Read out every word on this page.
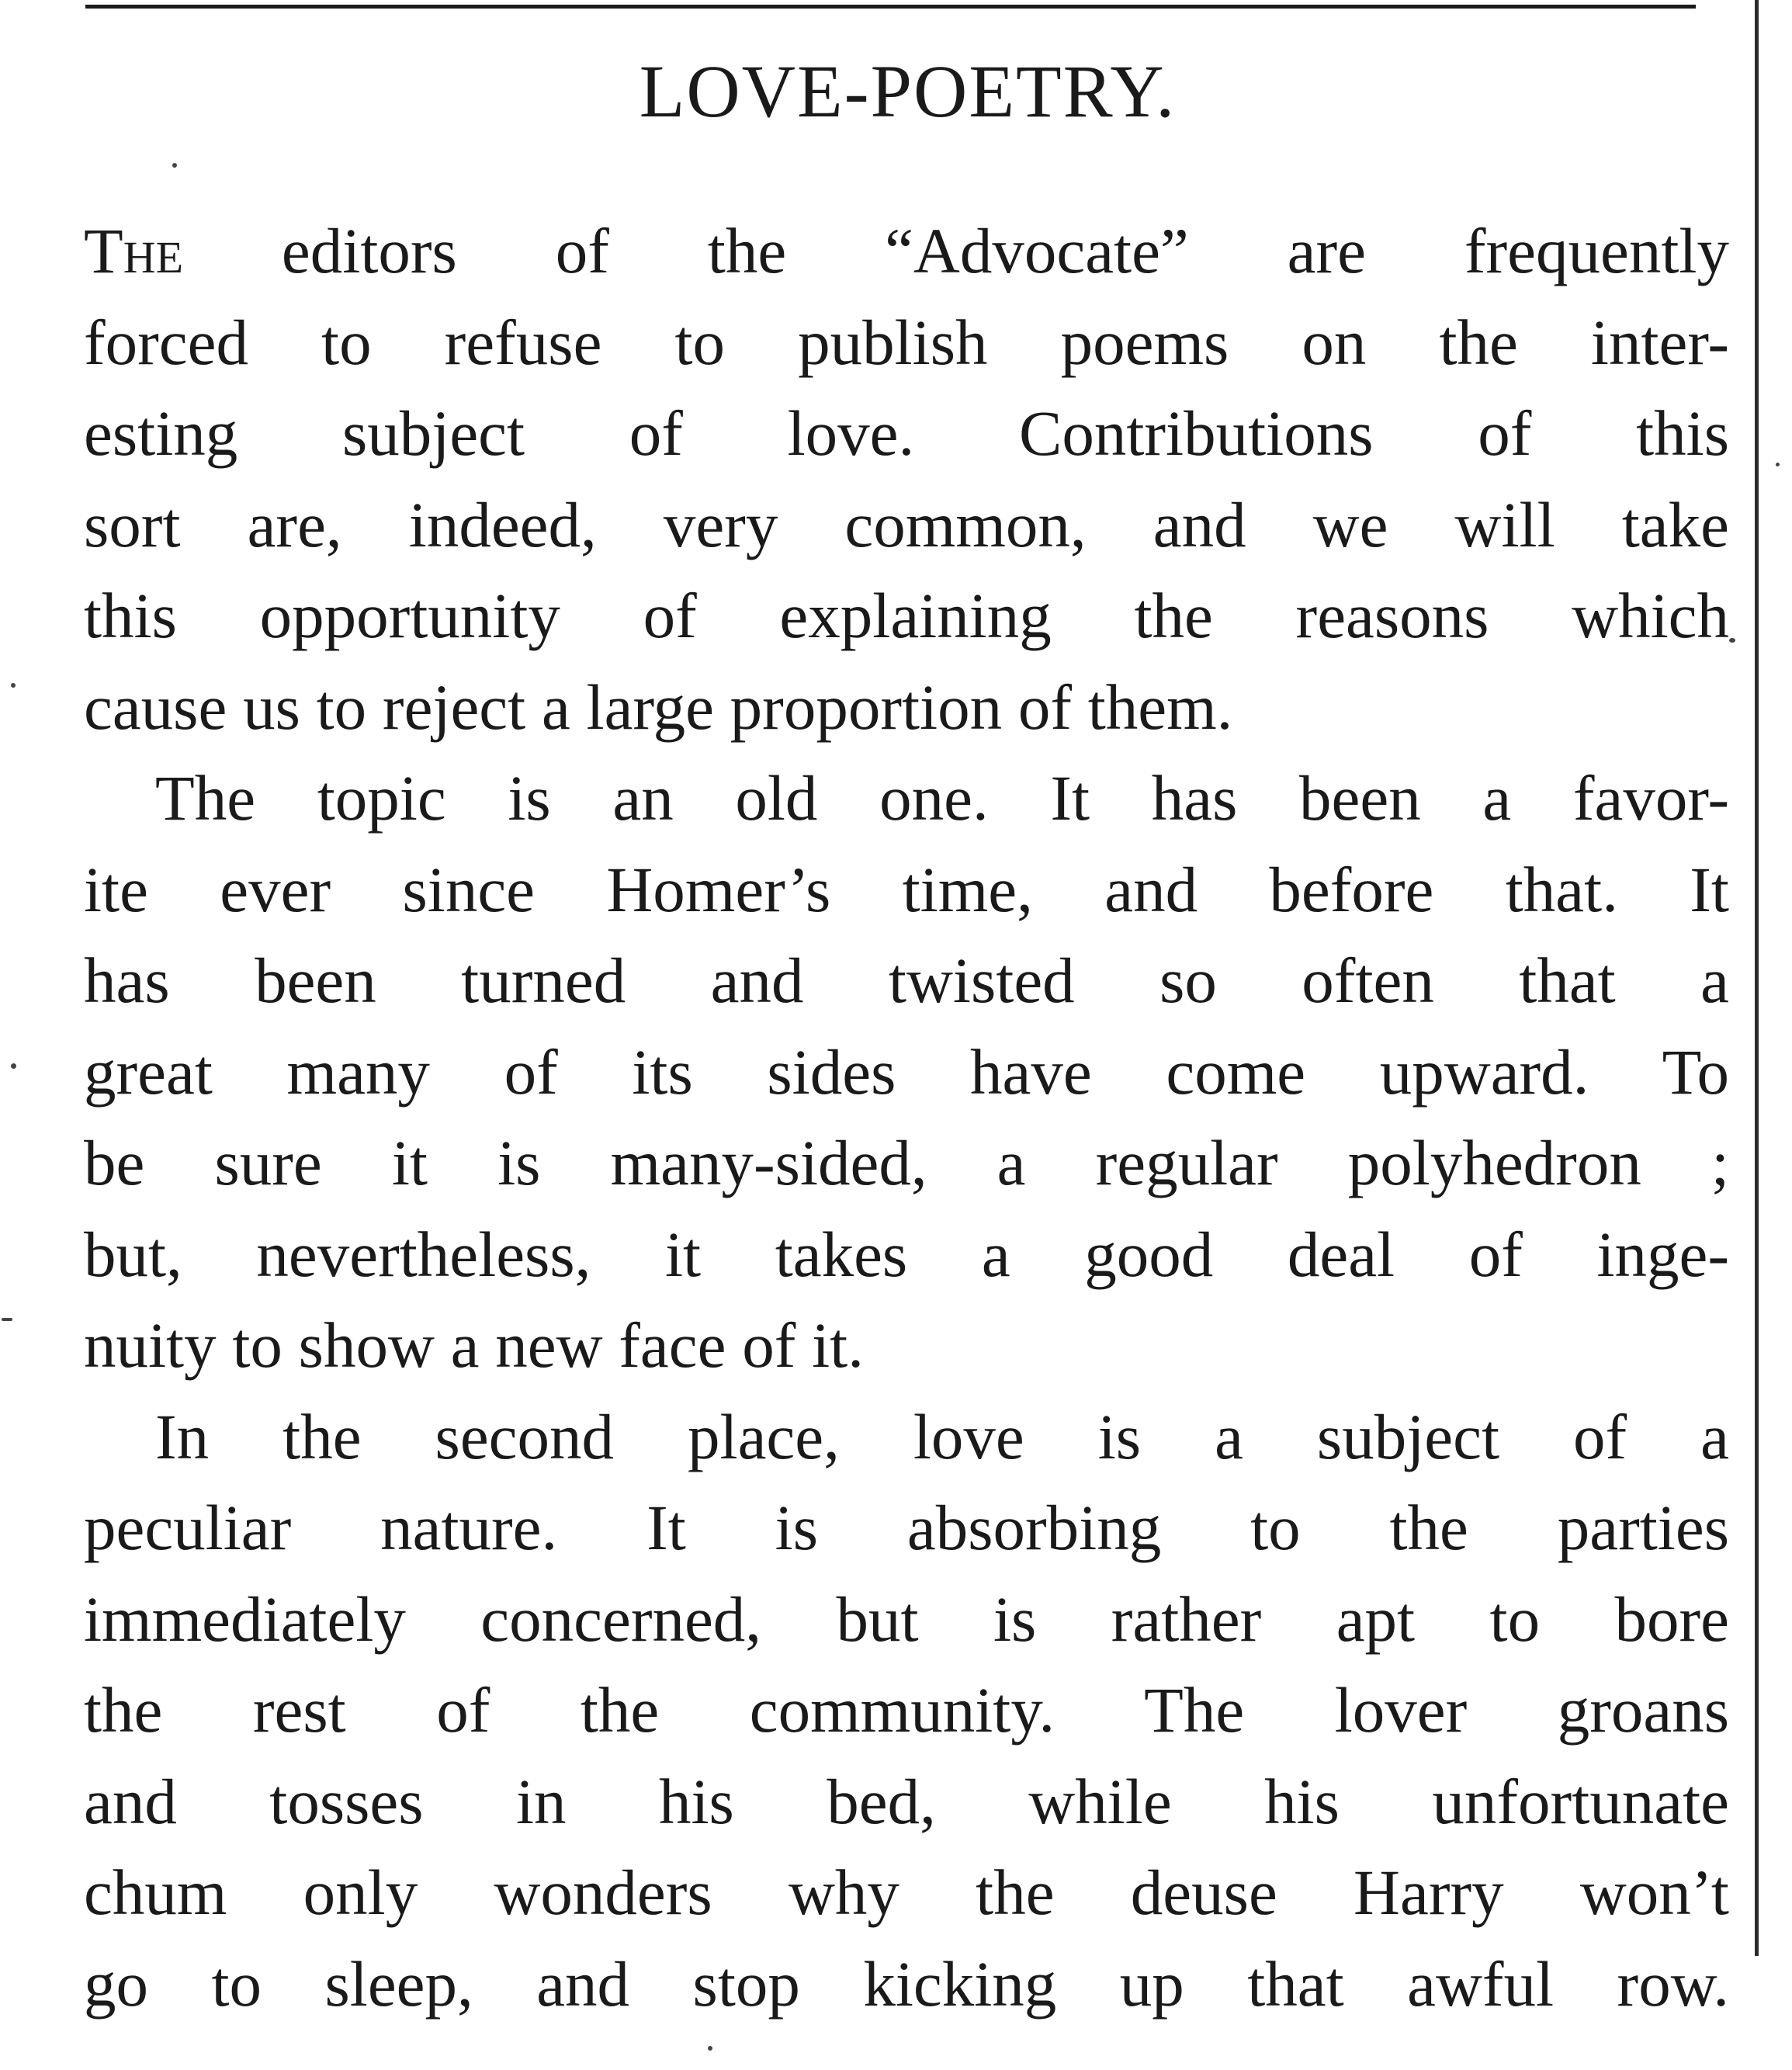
LOVE-POETRY.
The editors of the “Advocate” are frequently
forced to refuse to publish poems on the inter-
esting subject of love. Contributions of this
sort are, indeed, very common, and we will take
this opportunity of explaining the reasons which
cause us to reject a large proportion of them.
The topic is an old one. It has been a favor-
ite ever since Homer’s time, and before that. It
has been turned and twisted so often that a
great many of its sides have come upward. To
be sure it is many-sided, a regular polyhedron ;
but, nevertheless, it takes a good deal of inge-
nuity to show a new face of it.
In the second place, love is a subject of a
peculiar nature. It is absorbing to the parties
immediately concerned, but is rather apt to bore
the rest of the community. The lover groans
and tosses in his bed, while his unfortunate
chum only wonders why the deuse Harry won’t
go to sleep, and stop kicking up that awful row.
